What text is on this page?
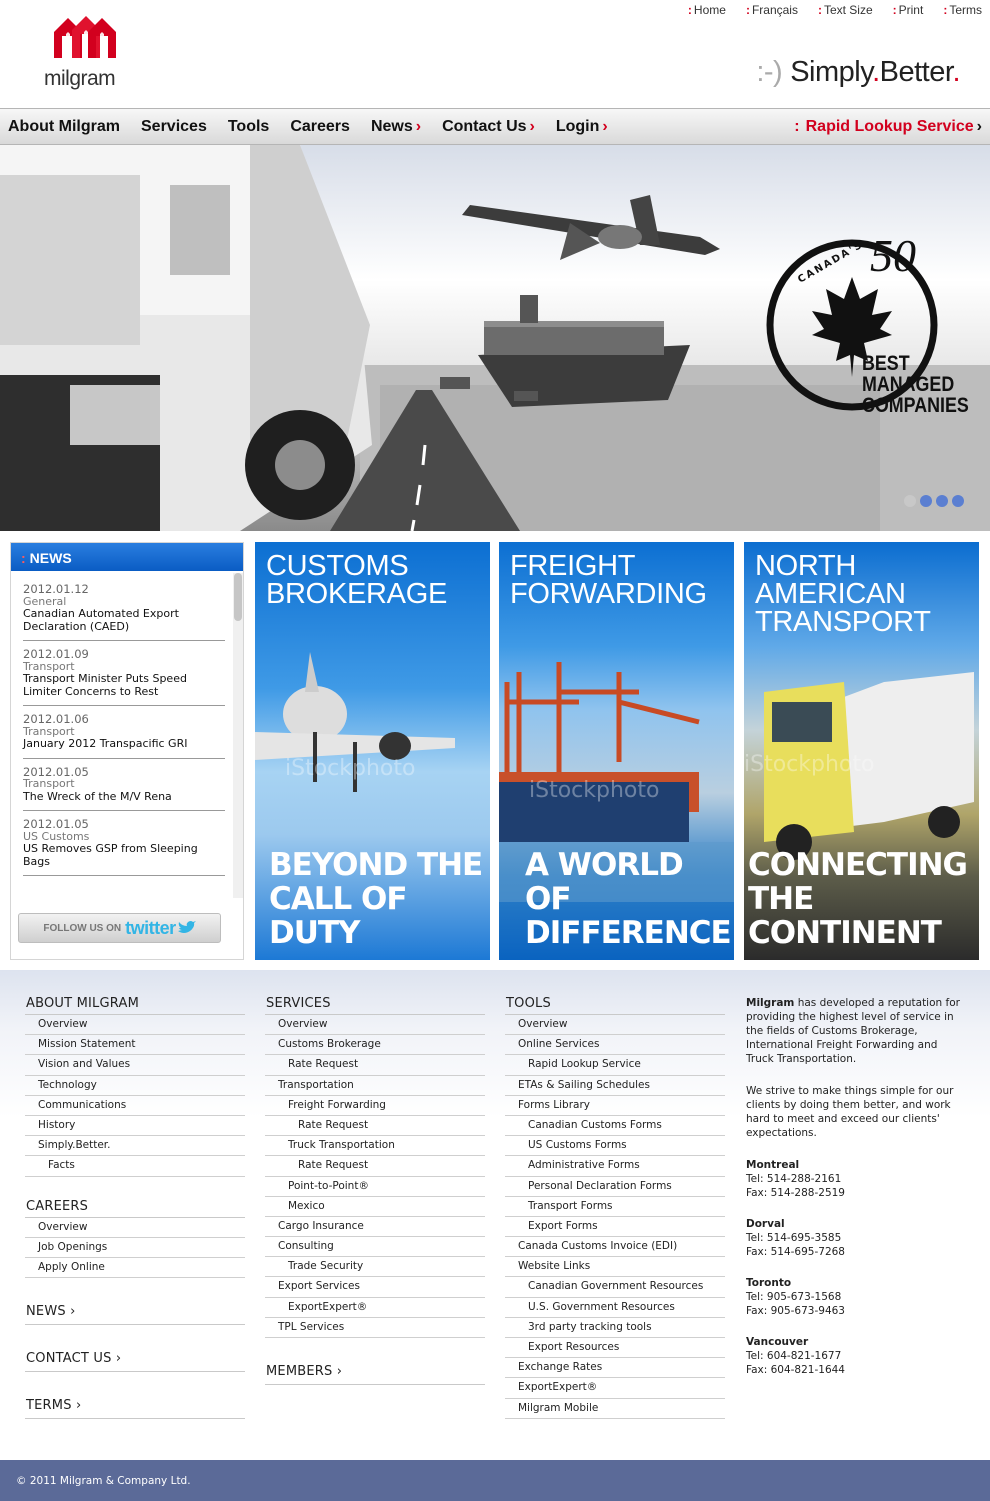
: Home : Français : Text Size : Print : Terms
milgram	:-) Simply.Better.
About Milgram Services Tools Careers News › Contact Us › Login ›	: Rapid Lookup Service ›
CANADA'S 50
BEST
MANAGED
COMPANIES
: NEWS
2012.01.12
General
Canadian Automated Export Declaration (CAED)
2012.01.09
Transport
Transport Minister Puts Speed Limiter Concerns to Rest
2012.01.06
Transport
January 2012 Transpacific GRI
2012.01.05
Transport
The Wreck of the M/V Rena
2012.01.05
US Customs
US Removes GSP from Sleeping Bags
FOLLOW US ON twitter
CUSTOMS
BROKERAGE
iStockphoto
BEYOND THE
CALL OF DUTY
FREIGHT
FORWARDING
iStockphoto
A WORLD OF
DIFFERENCE
NORTH
AMERICAN
TRANSPORT
iStockphoto
CONNECTING
THE CONTINENT
ABOUT MILGRAM
Overview
Mission Statement
Vision and Values
Technology
Communications
History
Simply.Better.
Facts
CAREERS
Overview
Job Openings
Apply Online
NEWS ›
CONTACT US ›
TERMS ›
SERVICES
Overview
Customs Brokerage
Rate Request
Transportation
Freight Forwarding
Rate Request
Truck Transportation
Rate Request
Point-to-Point®
Mexico
Cargo Insurance
Consulting
Trade Security
Export Services
ExportExpert®
TPL Services
MEMBERS ›
TOOLS
Overview
Online Services
Rapid Lookup Service
ETAs & Sailing Schedules
Forms Library
Canadian Customs Forms
US Customs Forms
Administrative Forms
Personal Declaration Forms
Transport Forms
Export Forms
Canada Customs Invoice (EDI)
Website Links
Canadian Government Resources
U.S. Government Resources
3rd party tracking tools
Export Resources
Exchange Rates
ExportExpert®
Milgram Mobile

Milgram has developed a reputation for providing the highest level of service in the fields of Customs Brokerage, International Freight Forwarding and Truck Transportation.

We strive to make things simple for our clients by doing them better, and work hard to meet and exceed our clients' expectations.

Montreal
Tel: 514-288-2161
Fax: 514-288-2519
Dorval
Tel: 514-695-3585
Fax: 514-695-7268
Toronto
Tel: 905-673-1568
Fax: 905-673-9463
Vancouver
Tel: 604-821-1677
Fax: 604-821-1644
© 2011 Milgram & Company Ltd.
